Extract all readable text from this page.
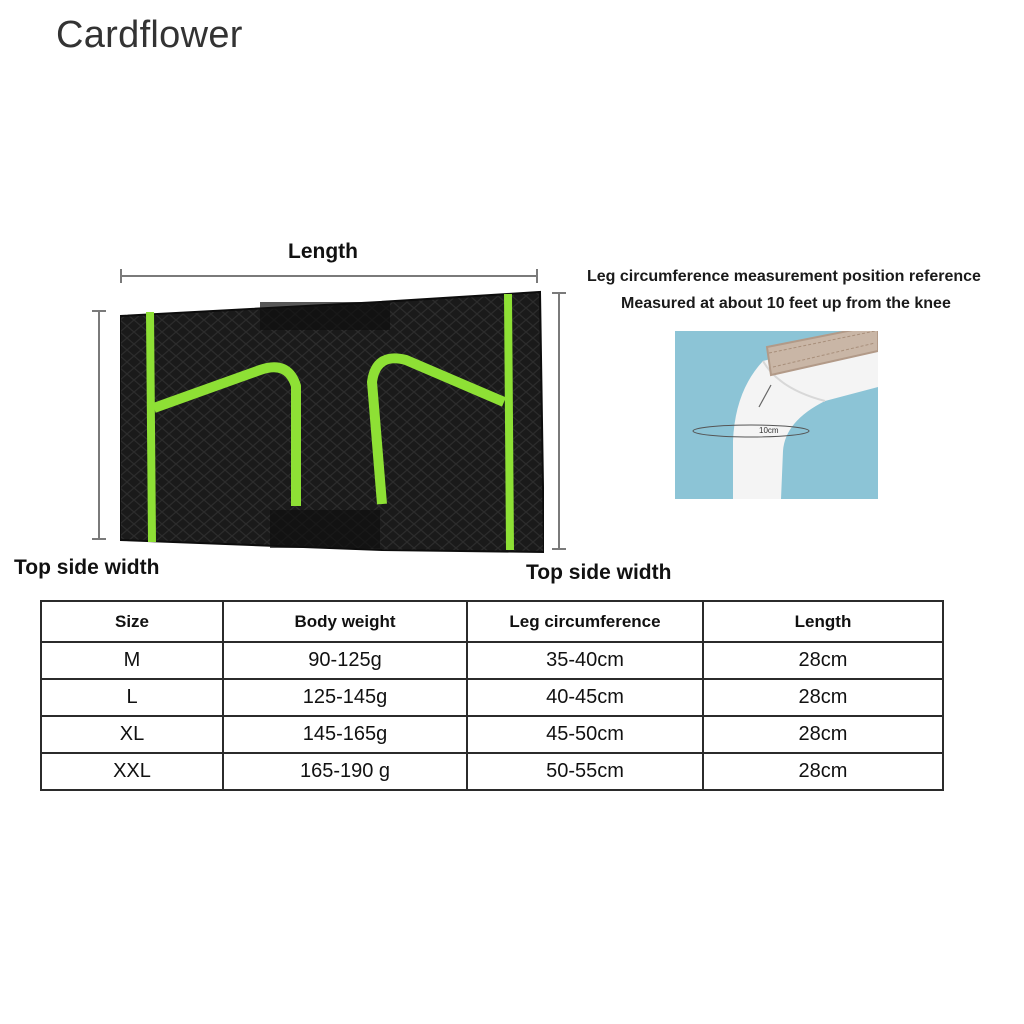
Cardflower
Length
Top side width	Top side width
Leg circumference measurement position reference
Measured at about 10 feet up from the knee
10cm
Size	Body weight	Leg circumference	Length
M	90-125g	35-40cm	28cm
L	125-145g	40-45cm	28cm
XL	145-165g	45-50cm	28cm
XXL	165-190 g	50-55cm	28cm
